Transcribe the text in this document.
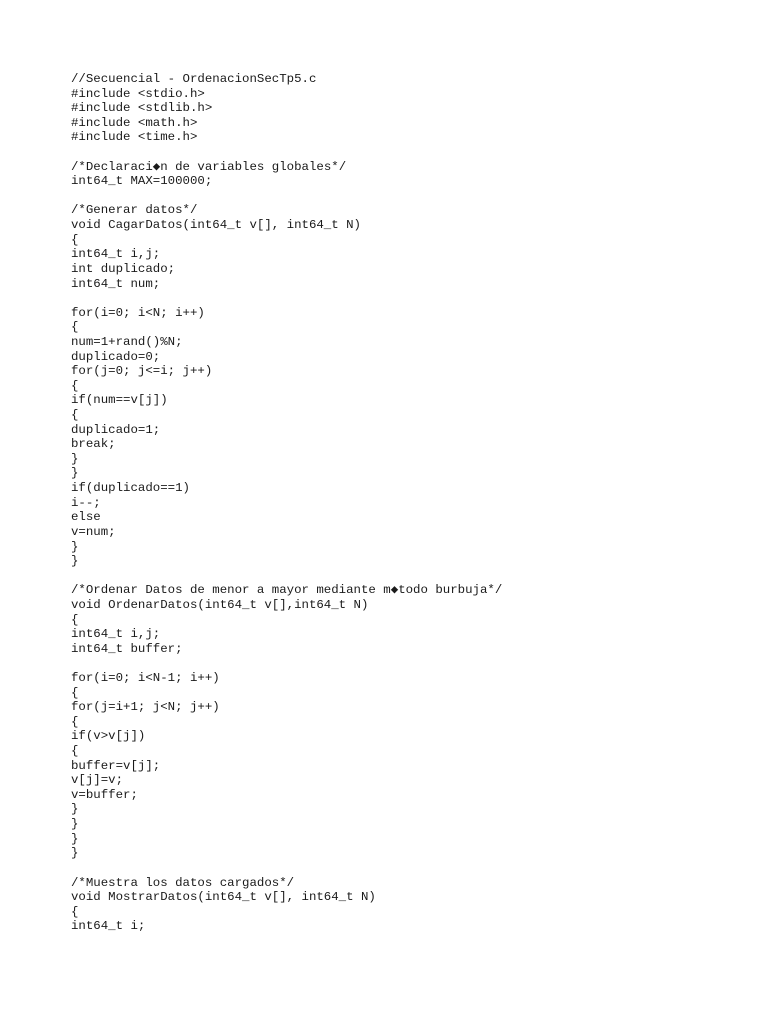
//Secuencial - OrdenacionSecTp5.c
#include <stdio.h>
#include <stdlib.h>
#include <math.h>
#include <time.h>
/*Declaraci◆n de variables globales*/
int64_t MAX=100000;
/*Generar datos*/
void CagarDatos(int64_t v[], int64_t N)
{
int64_t i,j;
int duplicado;
int64_t num;
for(i=0; i<N; i++)
{
num=1+rand()%N;
duplicado=0;
for(j=0; j<=i; j++)
{
if(num==v[j])
{
duplicado=1;
break;
}
}
if(duplicado==1)
i--;
else
v=num;
}
}
/*Ordenar Datos de menor a mayor mediante m◆todo burbuja*/
void OrdenarDatos(int64_t v[],int64_t N)
{
int64_t i,j;
int64_t buffer;
for(i=0; i<N-1; i++)
{
for(j=i+1; j<N; j++)
{
if(v>v[j])
{
buffer=v[j];
v[j]=v;
v=buffer;
}
}
}
}
/*Muestra los datos cargados*/
void MostrarDatos(int64_t v[], int64_t N)
{
int64_t i;
